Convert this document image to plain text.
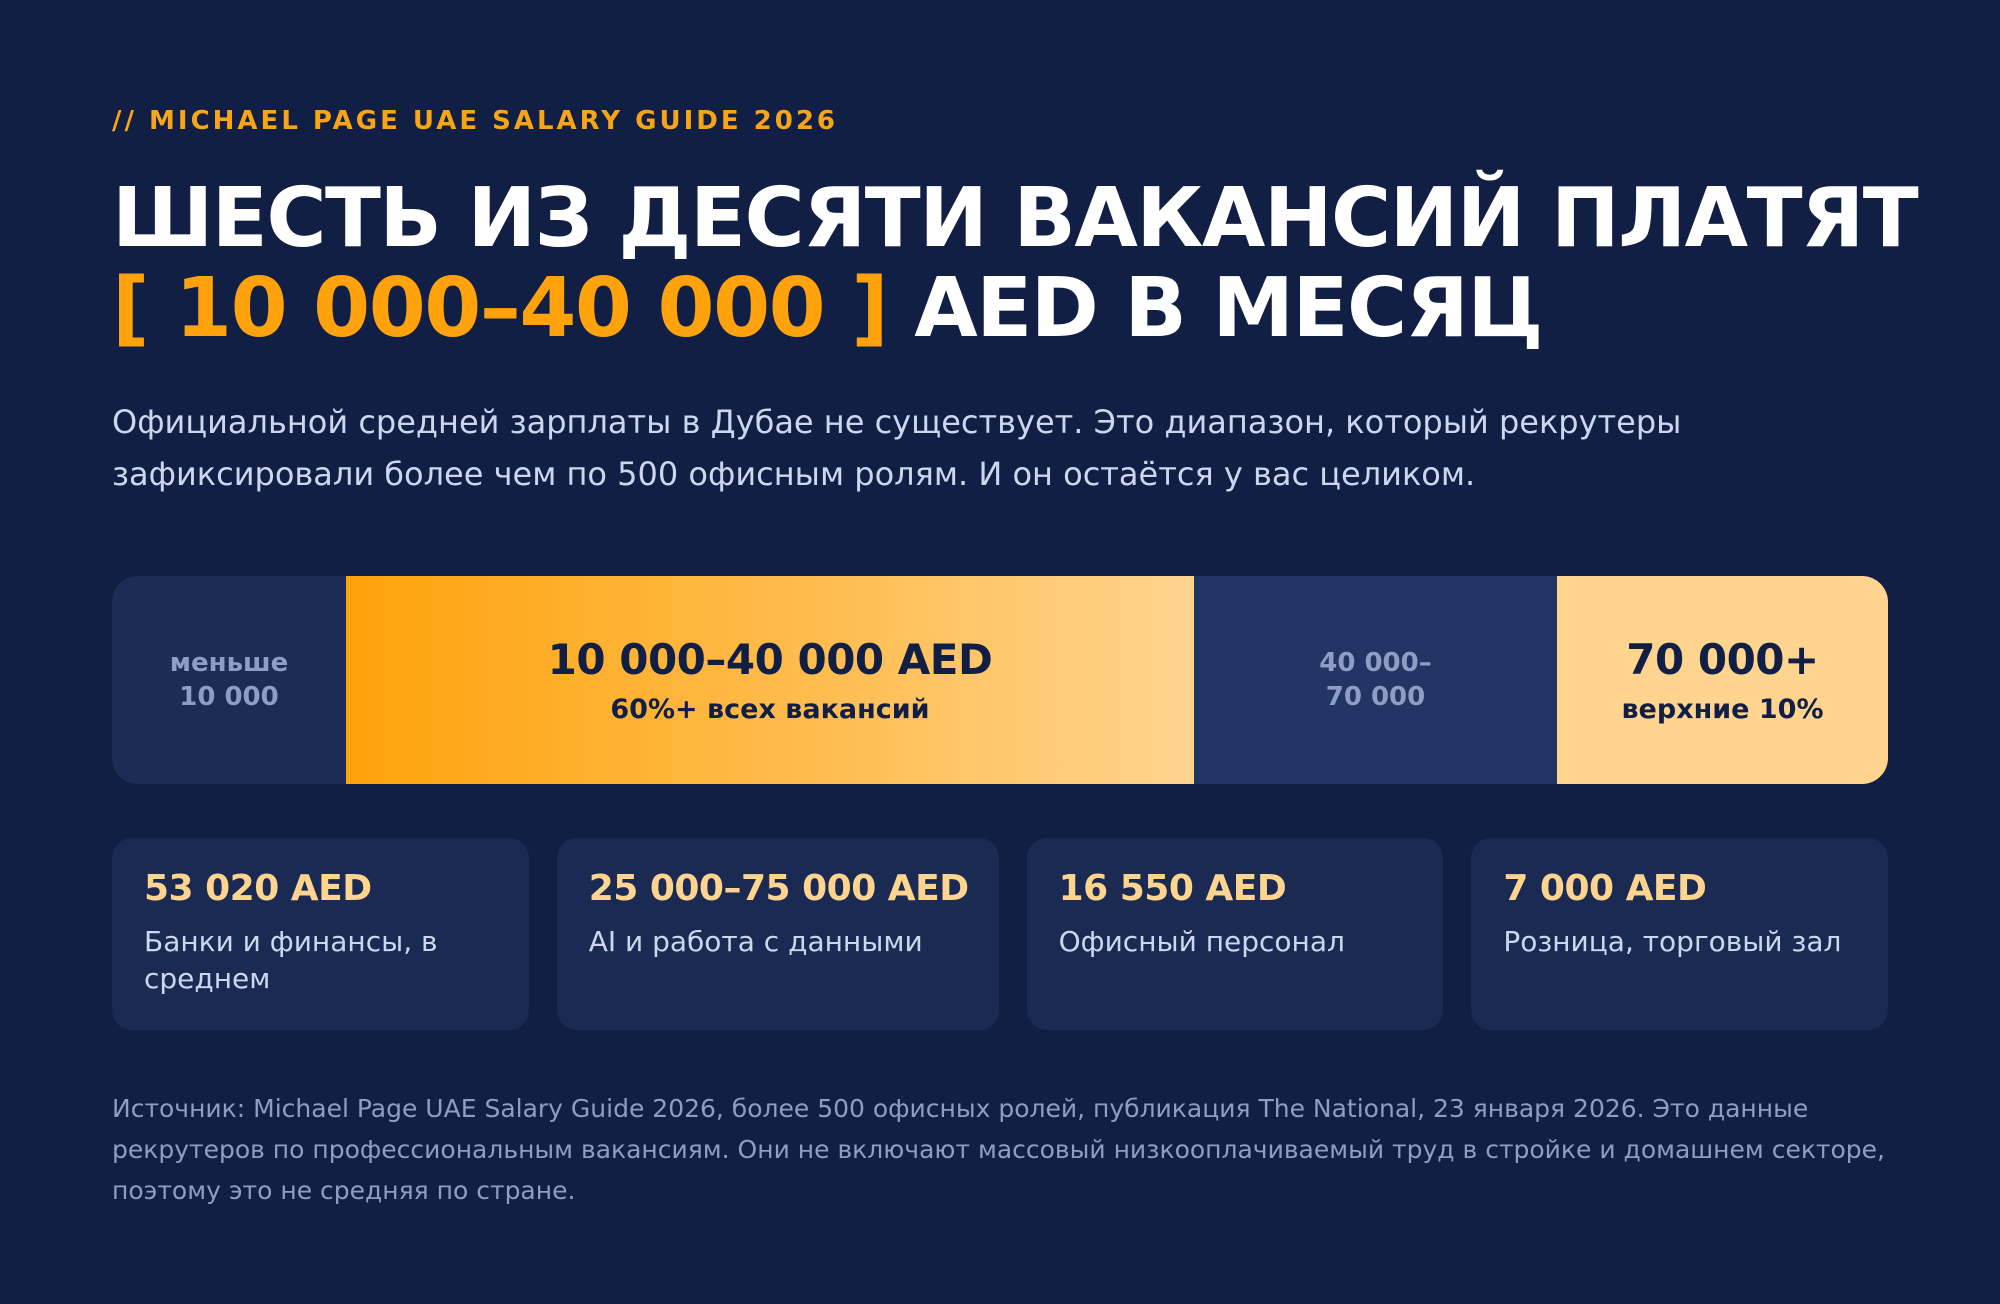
// MICHAEL PAGE UAE SALARY GUIDE 2026
ШЕСТЬ ИЗ ДЕСЯТИ ВАКАНСИЙ ПЛАТЯТ
[ 10 000–40 000 ] AED В МЕСЯЦ
Официальной средней зарплаты в Дубае не существует. Это диапазон, который рекрутеры зафиксировали более чем по 500 офисным ролям. И он остаётся у вас целиком.
меньше
10 000
10 000–40 000 AED
60%+ всех вакансий
40 000–
70 000
70 000+
верхние 10%
53 020 AED
Банки и финансы, в среднем
25 000–75 000 AED
AI и работа с данными
16 550 AED
Офисный персонал
7 000 AED
Розница, торговый зал
Источник: Michael Page UAE Salary Guide 2026, более 500 офисных ролей, публикация The National, 23 января 2026. Это данные рекрутеров по профессиональным вакансиям. Они не включают массовый низкооплачиваемый труд в стройке и домашнем секторе, поэтому это не средняя по стране.
